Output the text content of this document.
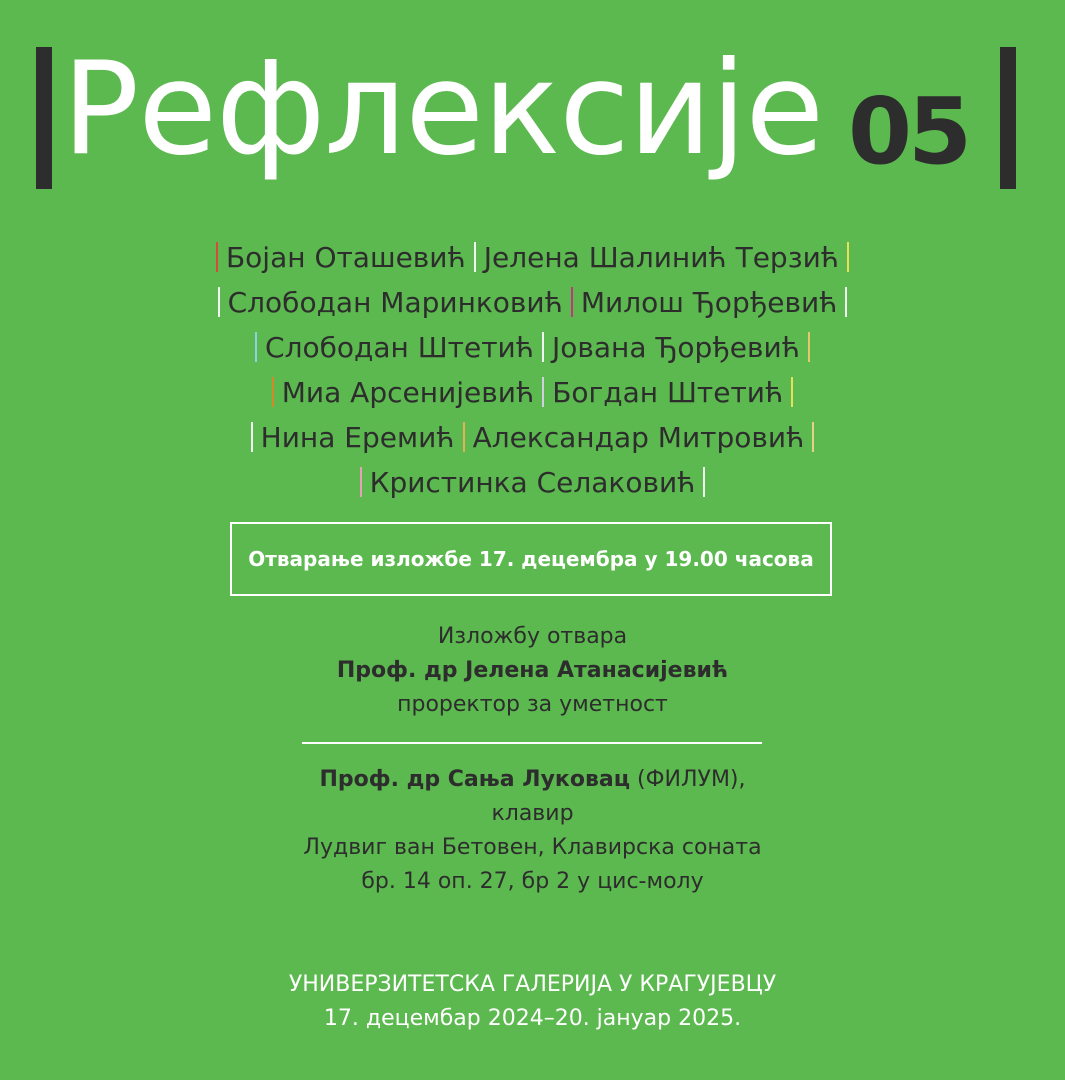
Рефлексије 05
Бојан Оташевић Јелена Шалинић Терзић
Слободан Маринковић Милош Ђорђевић
Слободан Штетић Јована Ђорђевић
Миа Арсенијевић Богдан Штетић
Нина Еремић Александар Митровић
Кристинка Селаковић
Отварање изложбе 17. децембра у 19.00 часова
Изложбу отвара
Проф. др Јелена Атанасијевић
проректор за уметност
Проф. др Сања Луковац (ФИЛУМ),
клавир
Лудвиг ван Бетовен, Клавирска соната
бр. 14 оп. 27, бр 2 у цис-молу
УНИВЕРЗИТЕТСКА ГАЛЕРИЈА У КРАГУЈЕВЦУ
17. децембар 2024–20. јануар 2025.
